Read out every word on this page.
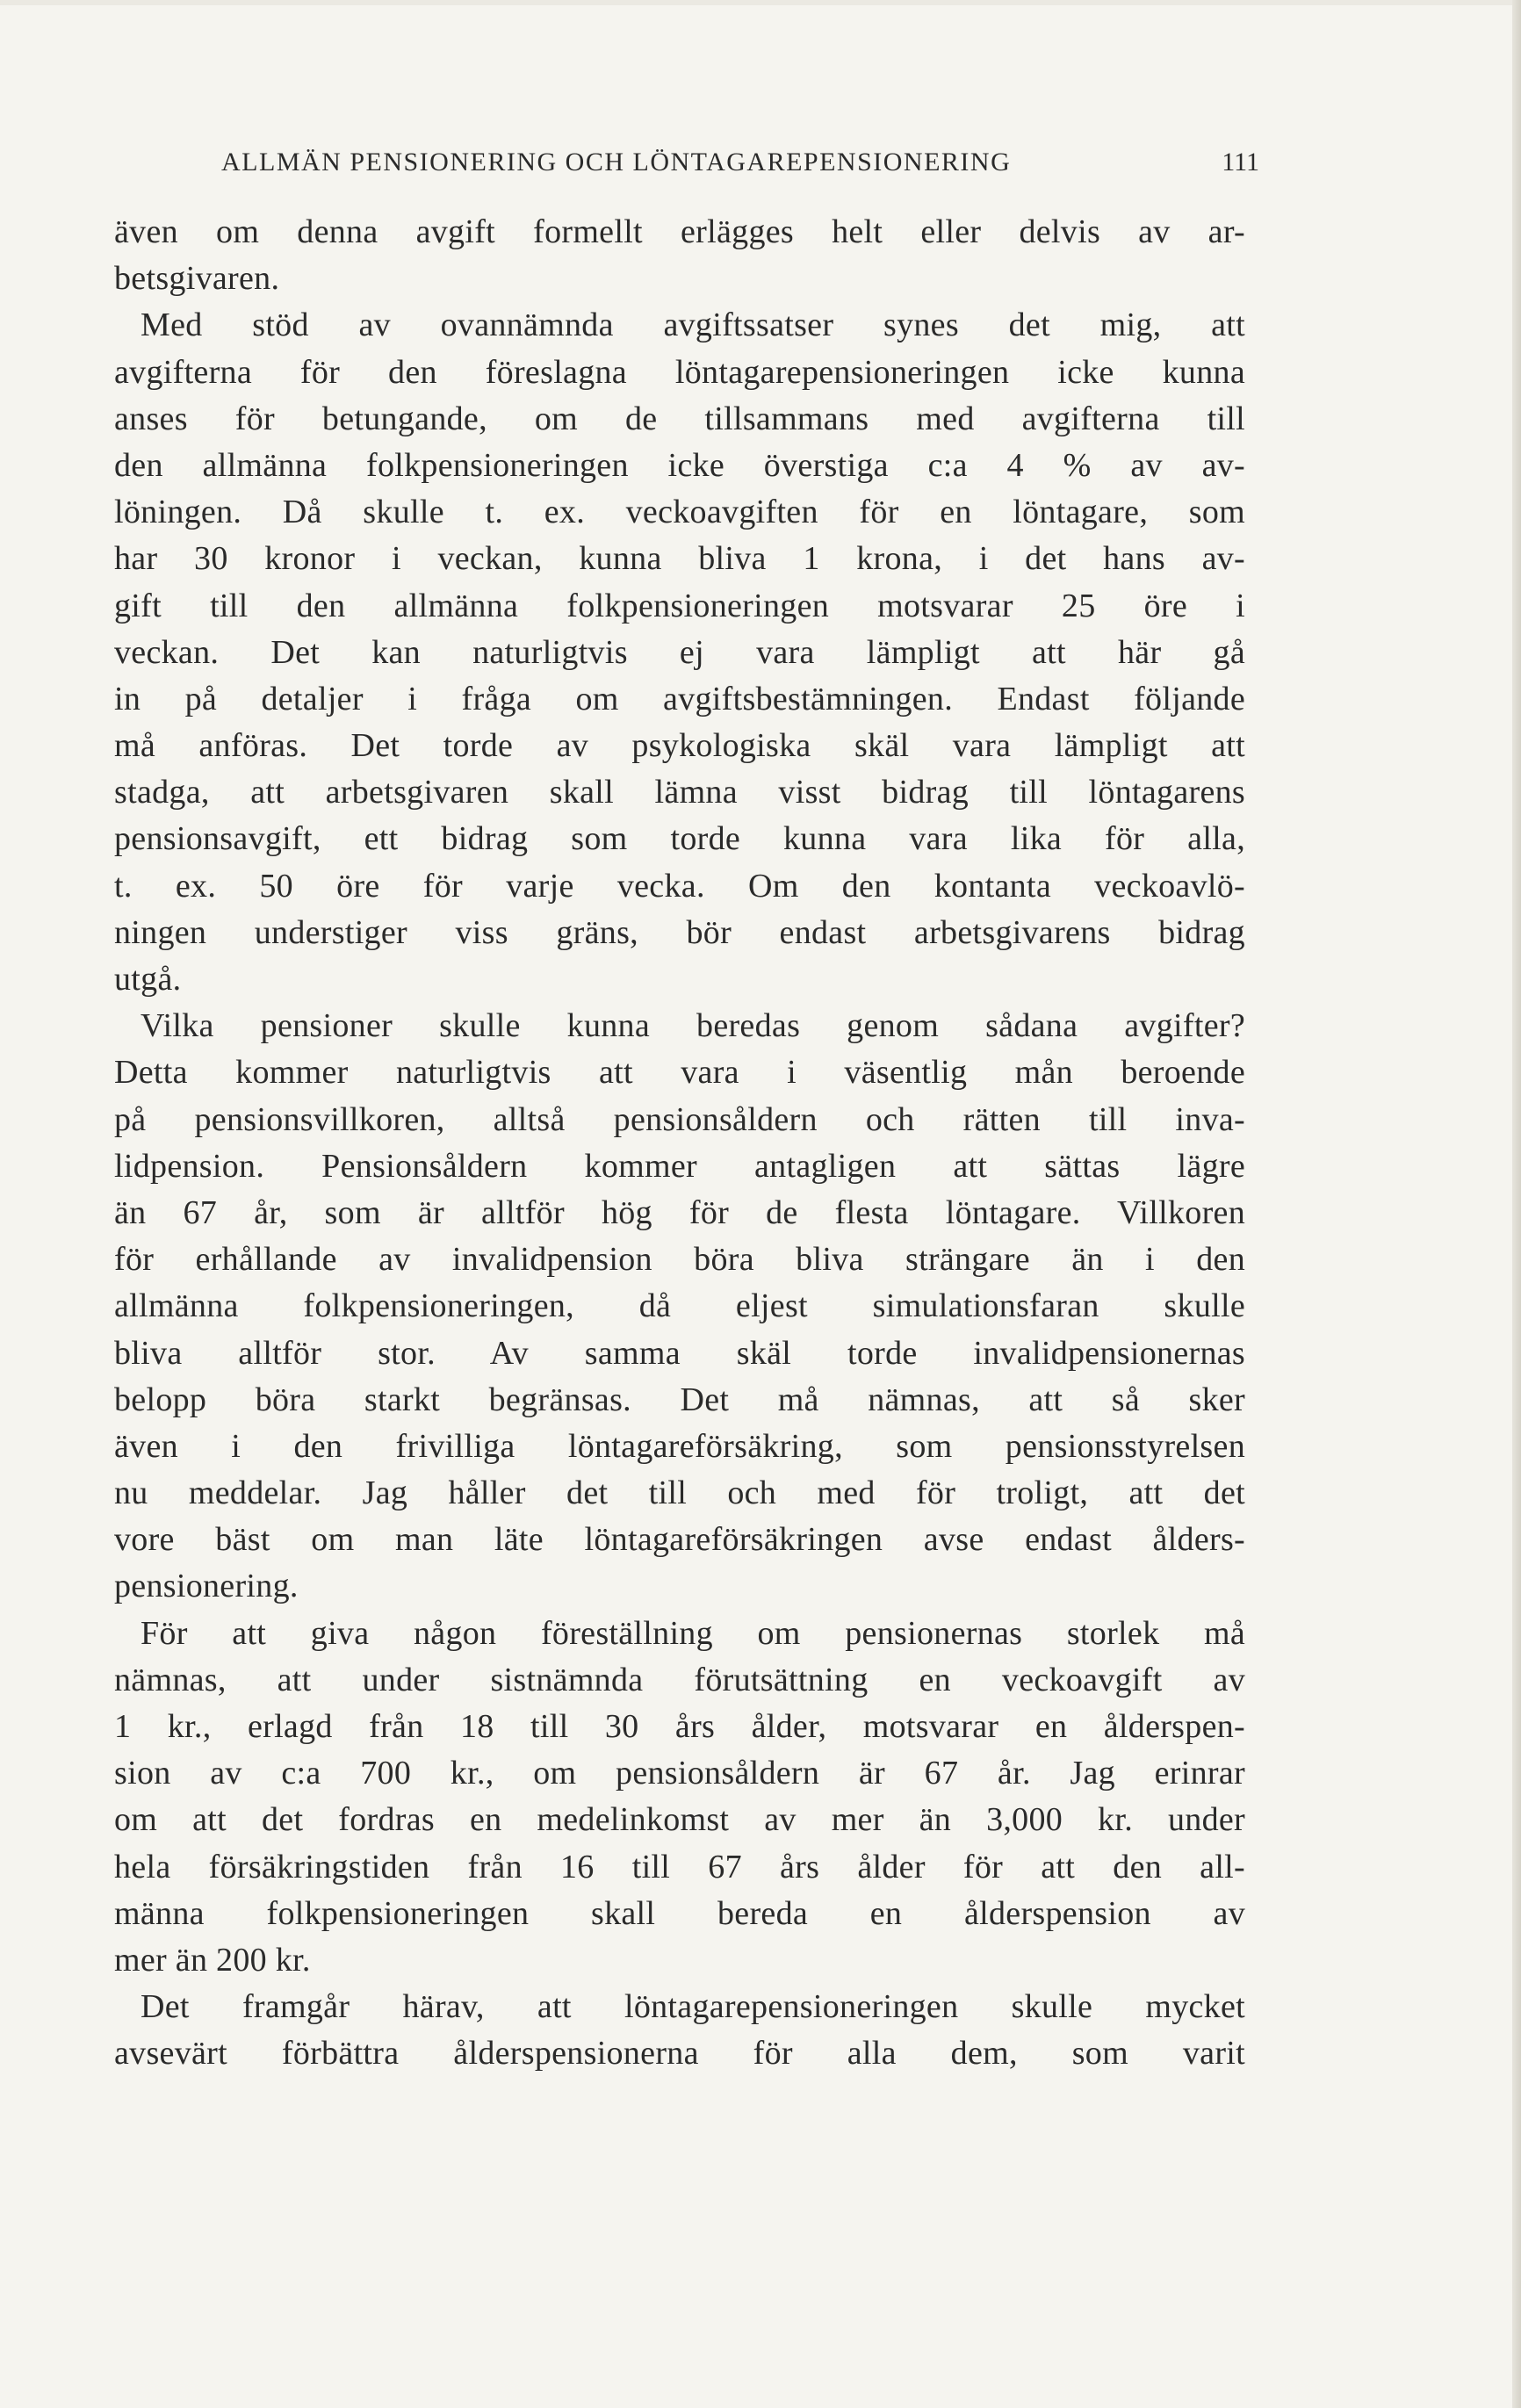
ALLMÄN PENSIONERING OCH LÖNTAGAREPENSIONERING	111
även om denna avgift formellt erlägges helt eller delvis av ar-
betsgivaren.
Med stöd av ovannämnda avgiftssatser synes det mig, att
avgifterna för den föreslagna löntagarepensioneringen icke kunna
anses för betungande, om de tillsammans med avgifterna till
den allmänna folkpensioneringen icke överstiga c:a 4 % av av-
löningen. Då skulle t. ex. veckoavgiften för en löntagare, som
har 30 kronor i veckan, kunna bliva 1 krona, i det hans av-
gift till den allmänna folkpensioneringen motsvarar 25 öre i
veckan. Det kan naturligtvis ej vara lämpligt att här gå
in på detaljer i fråga om avgiftsbestämningen. Endast följande
må anföras. Det torde av psykologiska skäl vara lämpligt att
stadga, att arbetsgivaren skall lämna visst bidrag till löntagarens
pensionsavgift, ett bidrag som torde kunna vara lika för alla,
t. ex. 50 öre för varje vecka. Om den kontanta veckoavlö-
ningen understiger viss gräns, bör endast arbetsgivarens bidrag
utgå.
Vilka pensioner skulle kunna beredas genom sådana avgifter?
Detta kommer naturligtvis att vara i väsentlig mån beroende
på pensionsvillkoren, alltså pensionsåldern och rätten till inva-
lidpension. Pensionsåldern kommer antagligen att sättas lägre
än 67 år, som är alltför hög för de flesta löntagare. Villkoren
för erhållande av invalidpension böra bliva strängare än i den
allmänna folkpensioneringen, då eljest simulationsfaran skulle
bliva alltför stor. Av samma skäl torde invalidpensionernas
belopp böra starkt begränsas. Det må nämnas, att så sker
även i den frivilliga löntagareförsäkring, som pensionsstyrelsen
nu meddelar. Jag håller det till och med för troligt, att det
vore bäst om man läte löntagareförsäkringen avse endast ålders-
pensionering.
För att giva någon föreställning om pensionernas storlek må
nämnas, att under sistnämnda förutsättning en veckoavgift av
1 kr., erlagd från 18 till 30 års ålder, motsvarar en ålderspen-
sion av c:a 700 kr., om pensionsåldern är 67 år. Jag erinrar
om att det fordras en medelinkomst av mer än 3,000 kr. under
hela försäkringstiden från 16 till 67 års ålder för att den all-
männa folkpensioneringen skall bereda en ålderspension av
mer än 200 kr.
Det framgår härav, att löntagarepensioneringen skulle mycket
avsevärt förbättra ålderspensionerna för alla dem, som varit
